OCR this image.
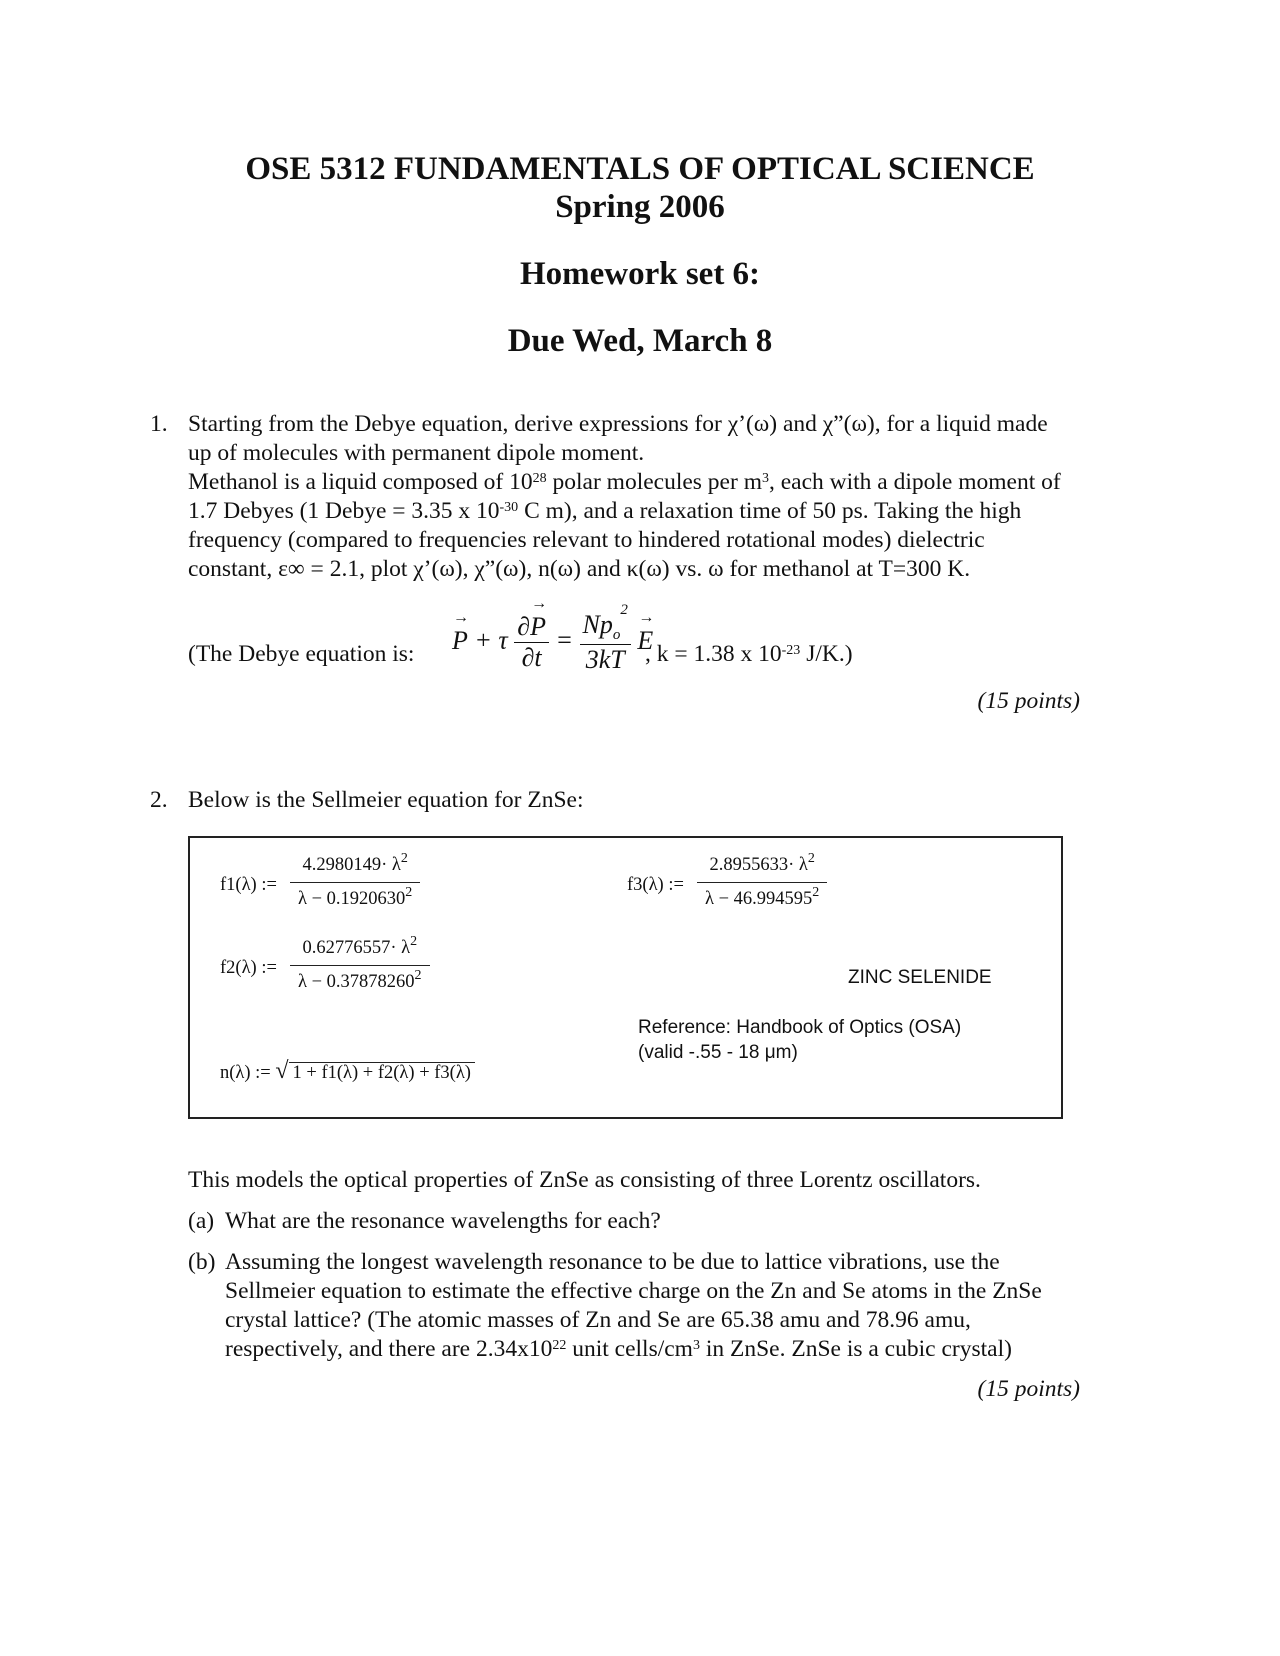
OSE 5312 FUNDAMENTALS OF OPTICAL SCIENCE
Spring 2006
Homework set 6:
Due Wed, March 8
1. Starting from the Debye equation, derive expressions for χ’(ω) and χ”(ω), for a liquid made
up of molecules with permanent dipole moment.
Methanol is a liquid composed of $10^{28}$ polar molecules per $m^3$, each with a dipole moment of
1.7 Debyes (1 Debye = 3.35 x $10^{-30}$ C m), and a relaxation time of 50 ps. Taking the high
frequency (compared to frequencies relevant to hindered rotational modes) dielectric
constant, ε∞ = 2.1, plot χ’(ω), χ”(ω), n(ω) and κ(ω) vs. ω for methanol at T=300 K.
(The Debye equation is:
→ P + τ $\frac{\partial\to P}{\partial t} = \frac{Np_o^2}{3kT}$
→ E
, k = 1.38 x $10^{-23}$ J/K.)
(15 points)
2. Below is the Sellmeier equation for ZnSe:
f1(λ) :=
$4.2980149\cdot \lambda^2$
$\lambda - 0.1920630^2$
f2(λ) :=
$0.62776557\cdot \lambda^2$
$\lambda - 0.37878260^2$
f3(λ) :=
$2.8955633\cdot \lambda^2$
$\lambda - 46.994595^2$
n(λ) := √ 1 + f1(λ) + f2(λ) + f3(λ)
ZINC SELENIDE
Reference: Handbook of Optics (OSA)
(valid -.55 - 18 μm)
This models the optical properties of ZnSe as consisting of three Lorentz oscillators.
(a) What are the resonance wavelengths for each?
(b) Assuming the longest wavelength resonance to be due to lattice vibrations, use the
Sellmeier equation to estimate the effective charge on the Zn and Se atoms in the ZnSe
crystal lattice? (The atomic masses of Zn and Se are 65.38 amu and 78.96 amu,
respectively, and there are $2.34x10^{22}$ unit cells/$cm^3$ in ZnSe. ZnSe is a cubic crystal)
(15 points)
